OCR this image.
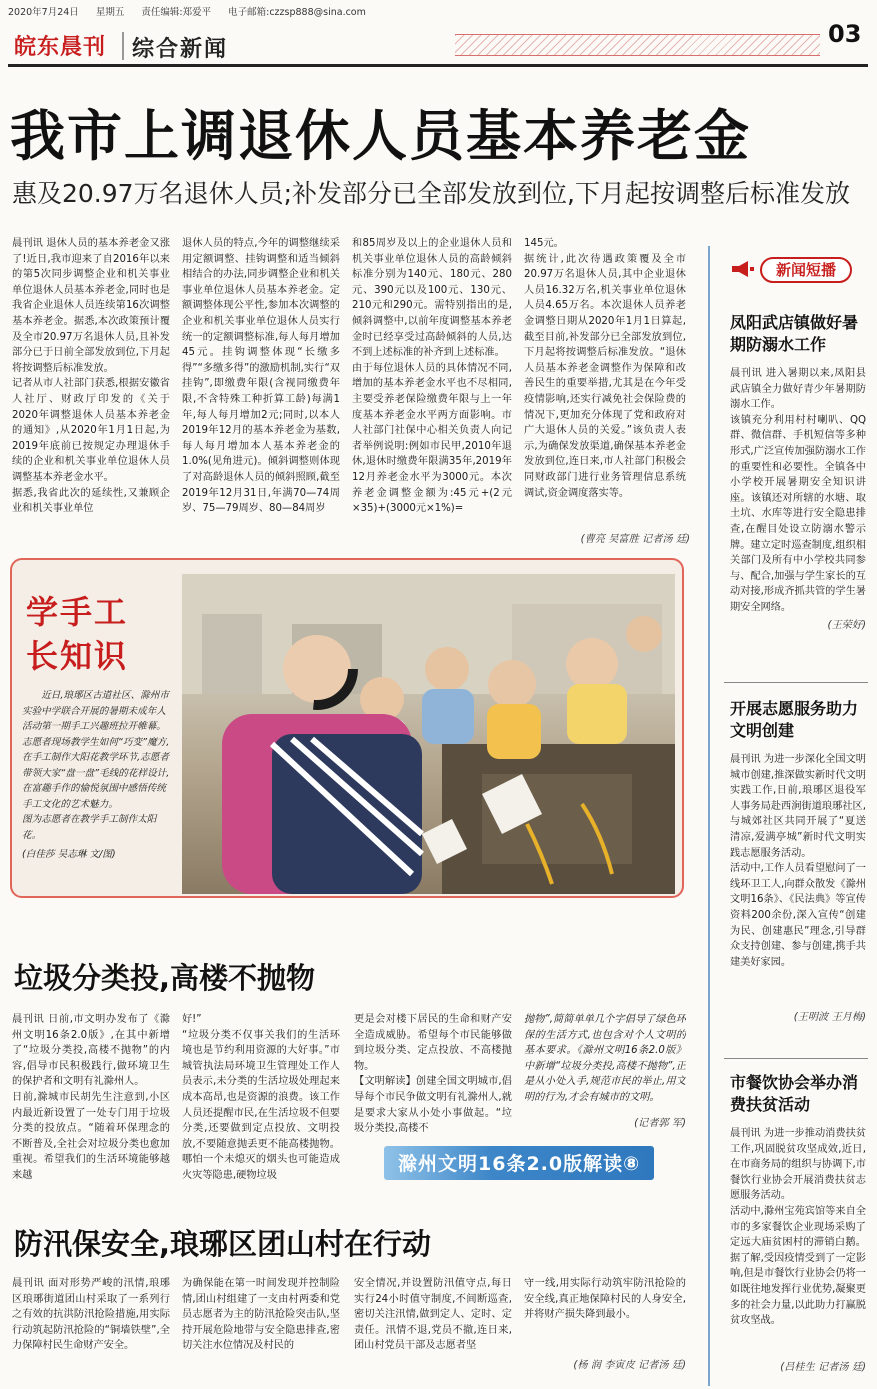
2020年7月24日 星期五 责任编辑:郑爱平 电子邮箱:czzsp888@sina.com
03
皖东晨刊 综合新闻
我市上调退休人员基本养老金
惠及20.97万名退休人员;补发部分已全部发放到位,下月起按调整后标准发放
晨刊讯 退休人员的基本养老金又涨了!近日,我市迎来了自2016年以来的第5次同步调整企业和机关事业单位退休人员基本养老金,同时也是我省企业退休人员连续第16次调整基本养老金。据悉,本次政策预计覆及全市20.97万名退休人员,且补发部分已于日前全部发放到位,下月起将按调整后标准发放。
记者从市人社部门获悉,根据安徽省人社厅、财政厅印发的《关于2020年调整退休人员基本养老金的通知》,从2020年1月1日起,为2019年底前已按规定办理退休手续的企业和机关事业单位退休人员调整基本养老金水平。
据悉,我省此次的延续性,又兼顾企业和机关事业单位
退休人员的特点,今年的调整继续采用定额调整、挂钩调整和适当倾斜相结合的办法,同步调整企业和机关事业单位退休人员基本养老金。定额调整体现公平性,参加本次调整的企业和机关事业单位退休人员实行统一的定额调整标准,每人每月增加45元。挂钩调整体现“长缴多得”“多缴多得”的激励机制,实行“双挂钩”,即缴费年限(含视同缴费年限,不含特殊工种折算工龄)每满1年,每人每月增加2元;同时,以本人2019年12月的基本养老金为基数,每人每月增加本人基本养老金的1.0%(见角进元)。倾斜调整则体现了对高龄退休人员的倾斜照顾,截至2019年12月31日,年满70—74周岁、75—79周岁、80—84周岁
和85周岁及以上的企业退休人员和机关事业单位退休人员的高龄倾斜标准分别为140元、180元、280元、390元以及100元、130元、210元和290元。需特别指出的是,倾斜调整中,以前年度调整基本养老金时已经享受过高龄倾斜的人员,达不到上述标准的补齐到上述标准。
由于每位退休人员的具体情况不同,增加的基本养老金水平也不尽相同,主要受养老保险缴费年限与上一年度基本养老金水平两方面影响。市人社部门社保中心相关负责人向记者举例说明:例如市民甲,2010年退休,退休时缴费年限满35年,2019年12月养老金水平为3000元。本次养老金调整金额为:45元+(2元×35)+(3000元×1%)=
145元。
据统计,此次待遇政策覆及全市20.97万名退休人员,其中企业退休人员16.32万名,机关事业单位退休人员4.65万名。本次退休人员养老金调整日期从2020年1月1日算起,截至目前,补发部分已全部发放到位,下月起将按调整后标准发放。“退休人员基本养老金调整作为保障和改善民生的重要举措,尤其是在今年受疫情影响,还实行减免社会保险费的情况下,更加充分体现了党和政府对广大退休人员的关爱。”该负责人表示,为确保发放渠道,确保基本养老金发放到位,连日来,市人社部门积极会同财政部门进行业务管理信息系统调试,资金调度落实等。
(曹亮 吴富胜 记者汤 廷)
新闻短播
凤阳武店镇做好暑期防溺水工作
晨刊讯 进入暑期以来,凤阳县武店镇全力做好青少年暑期防溺水工作。
该镇充分利用村村喇叭、QQ群、微信群、手机短信等多种形式,广泛宣传加强防溺水工作的重要性和必要性。全镇各中小学校开展暑期安全知识讲座。该镇还对所辖的水塘、取土坑、水库等进行安全隐患排查,在醒目处设立防溺水警示牌。建立定时巡查制度,组织相关部门及所有中小学校共同参与、配合,加强与学生家长的互动对接,形成齐抓共管的学生暑期安全网络。
(王荣好)
开展志愿服务助力文明创建
晨刊讯 为进一步深化全国文明城市创建,推深做实新时代文明实践工作,日前,琅琊区退役军人事务局赴西涧街道琅琊社区,与城郊社区共同开展了“夏送清凉,爱满亭城”新时代文明实践志愿服务活动。
活动中,工作人员看望慰问了一线环卫工人,向群众散发《滁州文明16条》、《民法典》等宣传资料200余份,深入宣传“创建为民、创建惠民”理念,引导群众支持创建、参与创建,携手共建美好家园。
(王明波 王月梅)
市餐饮协会举办消费扶贫活动
晨刊讯 为进一步推动消费扶贫工作,巩固脱贫攻坚成效,近日,在市商务局的组织与协调下,市餐饮行业协会开展消费扶贫志愿服务活动。
活动中,滁州宝苑宾馆等来自全市的多家餐饮企业现场采购了定远大庙贫困村的滞销白鹅。据了解,受因疫情受到了一定影响,但是市餐饮行业协会仍将一如既往地发挥行业优势,凝聚更多的社会力量,以此助力打赢脱贫攻坚战。
(吕桂生 记者汤 廷)
学手工
长知识
近日,琅琊区古道社区、滁州市实验中学联合开展的暑期未成年人活动第一期手工兴趣班拉开帷幕。志愿者现场教学生如何“巧变”魔方,在手工制作大阳花教学环节,志愿者带领大家“盘一盘”毛线的花样设计,在富趣手作的愉悦氛围中感悟传统手工文化的艺术魅力。
图为志愿者在教学手工制作太阳花。
(白佳莎 吴志琳 文/图)
垃圾分类投,高楼不抛物
晨刊讯 日前,市文明办发布了《滁州文明16条2.0版》,在其中新增了“垃圾分类投,高楼不抛物”的内容,倡导市民积极践行,做环境卫生的保护者和文明有礼滁州人。
日前,滁城市民胡先生注意到,小区内最近新设置了一处专门用于垃圾分类的投放点。“随着环保理念的不断普及,全社会对垃圾分类也愈加重视。希望我们的生活环境能够越来越
好!”
“垃圾分类不仅事关我们的生活环境也是节约利用资源的大好事。”市城管执法局环境卫生管理处工作人员表示,未分类的生活垃圾处理起来成本高昂,也是资源的浪费。该工作人员还提醒市民,在生活垃圾不但要分类,还要做到定点投放、文明投放,不要随意抛丢更不能高楼抛物。哪怕一个未熄灭的烟头也可能造成火灾等隐患,硬物垃圾
更是会对楼下居民的生命和财产安全造成威胁。希望每个市民能够做到垃圾分类、定点投放、不高楼抛物。
【文明解读】创建全国文明城市,倡导每个市民争做文明有礼滁州人,就是要求大家从小处小事做起。“垃圾分类投,高楼不
抛物”,简简单单几个字倡导了绿色环保的生活方式,也包含对个人文明的基本要求。《滁州文明16条2.0版》中新增“垃圾分类投,高楼不抛物”,正是从小处入手,规范市民的举止,用文明的行为,才会有城市的文明。
(记者郭 军)
滁州文明16条2.0版解读⑧
防汛保安全,琅琊区团山村在行动
晨刊讯 面对形势严峻的汛情,琅琊区琅琊街道团山村采取了一系列行之有效的抗洪防汛抢险措施,用实际行动筑起防汛抢险的“铜墙铁壁”,全力保障村民生命财产安全。
为确保能在第一时间发现并控制险情,团山村组建了一支由村两委和党员志愿者为主的防汛抢险突击队,坚持开展危险地带与安全隐患排查,密切关注水位情况及村民的
安全情况,并设置防汛值守点,每日实行24小时值守制度,不间断巡查,密切关注汛情,做到定人、定时、定责任。汛情不退,党员不撤,连日来,团山村党员干部及志愿者坚
守一线,用实际行动筑牢防汛抢险的安全线,真正地保障村民的人身安全,并将财产损失降到最小。
(杨 润 李寅皮 记者汤 廷)
